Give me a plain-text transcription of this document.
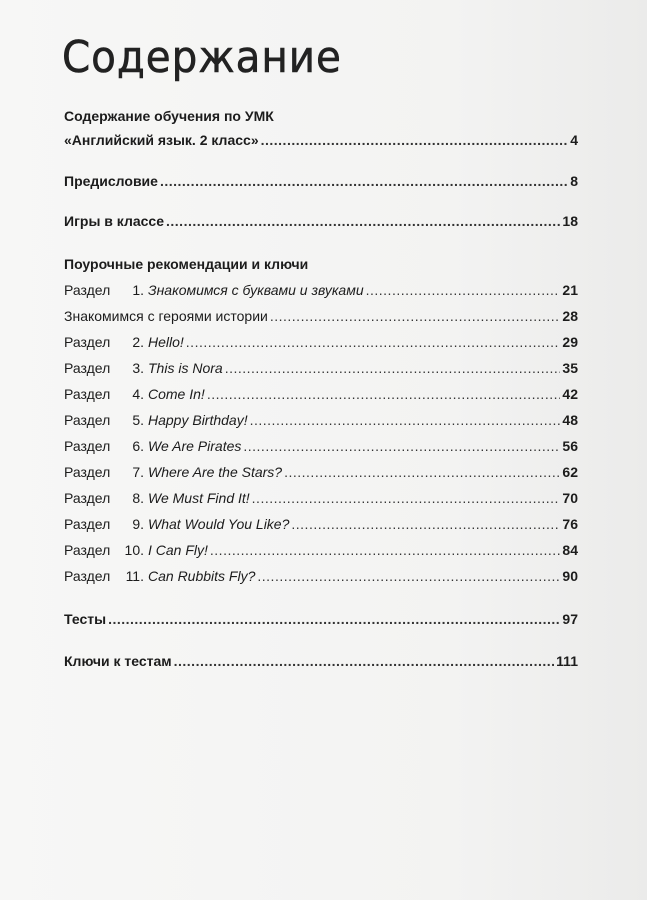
Содержание
Содержание обучения по УМК
«Английский язык. 2 класс» .....	4
Предисловие .....	8
Игры в классе .....	18
Поурочные рекомендации и ключи
Раздел 1. Знакомимся с буквами и звуками .....	21
Знакомимся с героями истории .....	28
Раздел 2. Hello! .....	29
Раздел 3. This is Nora .....	35
Раздел 4. Come In! .....	42
Раздел 5. Happy Birthday! .....	48
Раздел 6. We Are Pirates .....	56
Раздел 7. Where Are the Stars? .....	62
Раздел 8. We Must Find It! .....	70
Раздел 9. What Would You Like? .....	76
Раздел 10. I Can Fly! .....	84
Раздел 11. Can Rubbits Fly? .....	90
Тесты .....	97
Ключи к тестам .....	111
